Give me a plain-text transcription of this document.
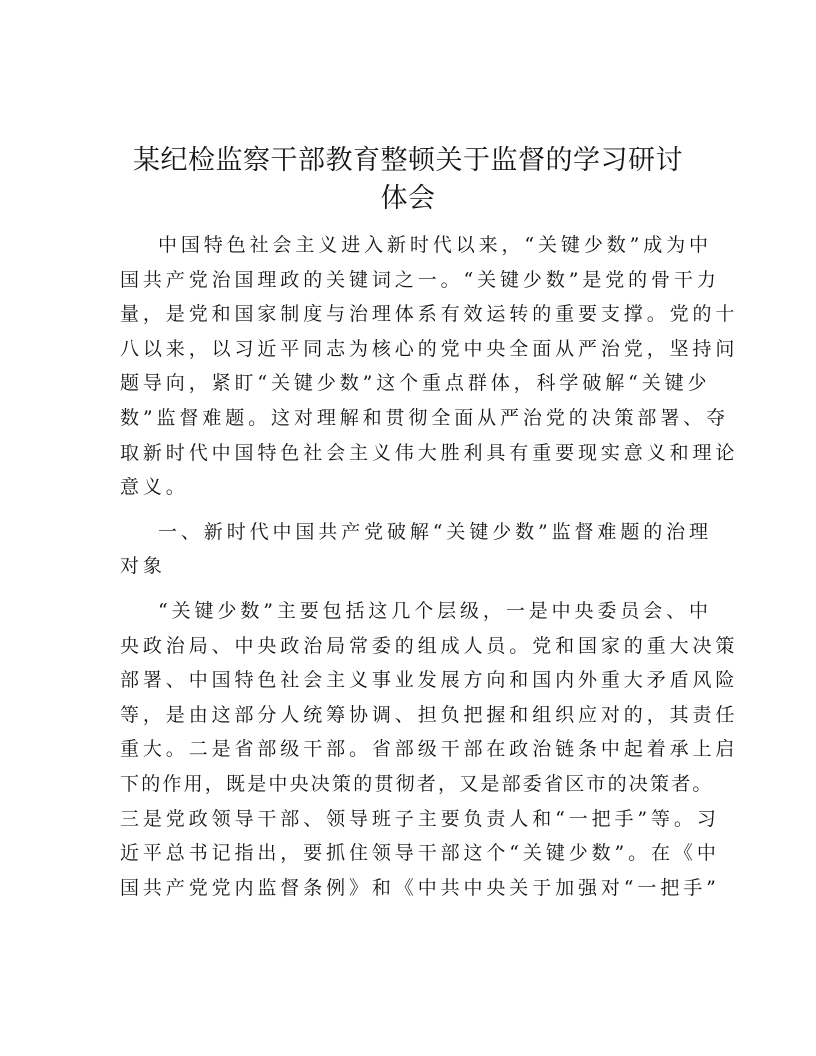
某纪检监察干部教育整顿关于监督的学习研讨
体会

中国特色社会主义进入新时代以来，“关键少数”成为中
国共产党治国理政的关键词之一。“关键少数”是党的骨干力
量，是党和国家制度与治理体系有效运转的重要支撑。党的十
八以来，以习近平同志为核心的党中央全面从严治党，坚持问
题导向，紧盯“关键少数”这个重点群体，科学破解“关键少
数”监督难题。这对理解和贯彻全面从严治党的决策部署、夺
取新时代中国特色社会主义伟大胜利具有重要现实意义和理论
意义。

一、新时代中国共产党破解“关键少数”监督难题的治理
对象

“关键少数”主要包括这几个层级，一是中央委员会、中
央政治局、中央政治局常委的组成人员。党和国家的重大决策
部署、中国特色社会主义事业发展方向和国内外重大矛盾风险
等，是由这部分人统筹协调、担负把握和组织应对的，其责任
重大。二是省部级干部。省部级干部在政治链条中起着承上启
下的作用，既是中央决策的贯彻者，又是部委省区市的决策者。
三是党政领导干部、领导班子主要负责人和“一把手”等。习
近平总书记指出，要抓住领导干部这个“关键少数”。在《中
国共产党党内监督条例》和《中共中央关于加强对“一把手”
